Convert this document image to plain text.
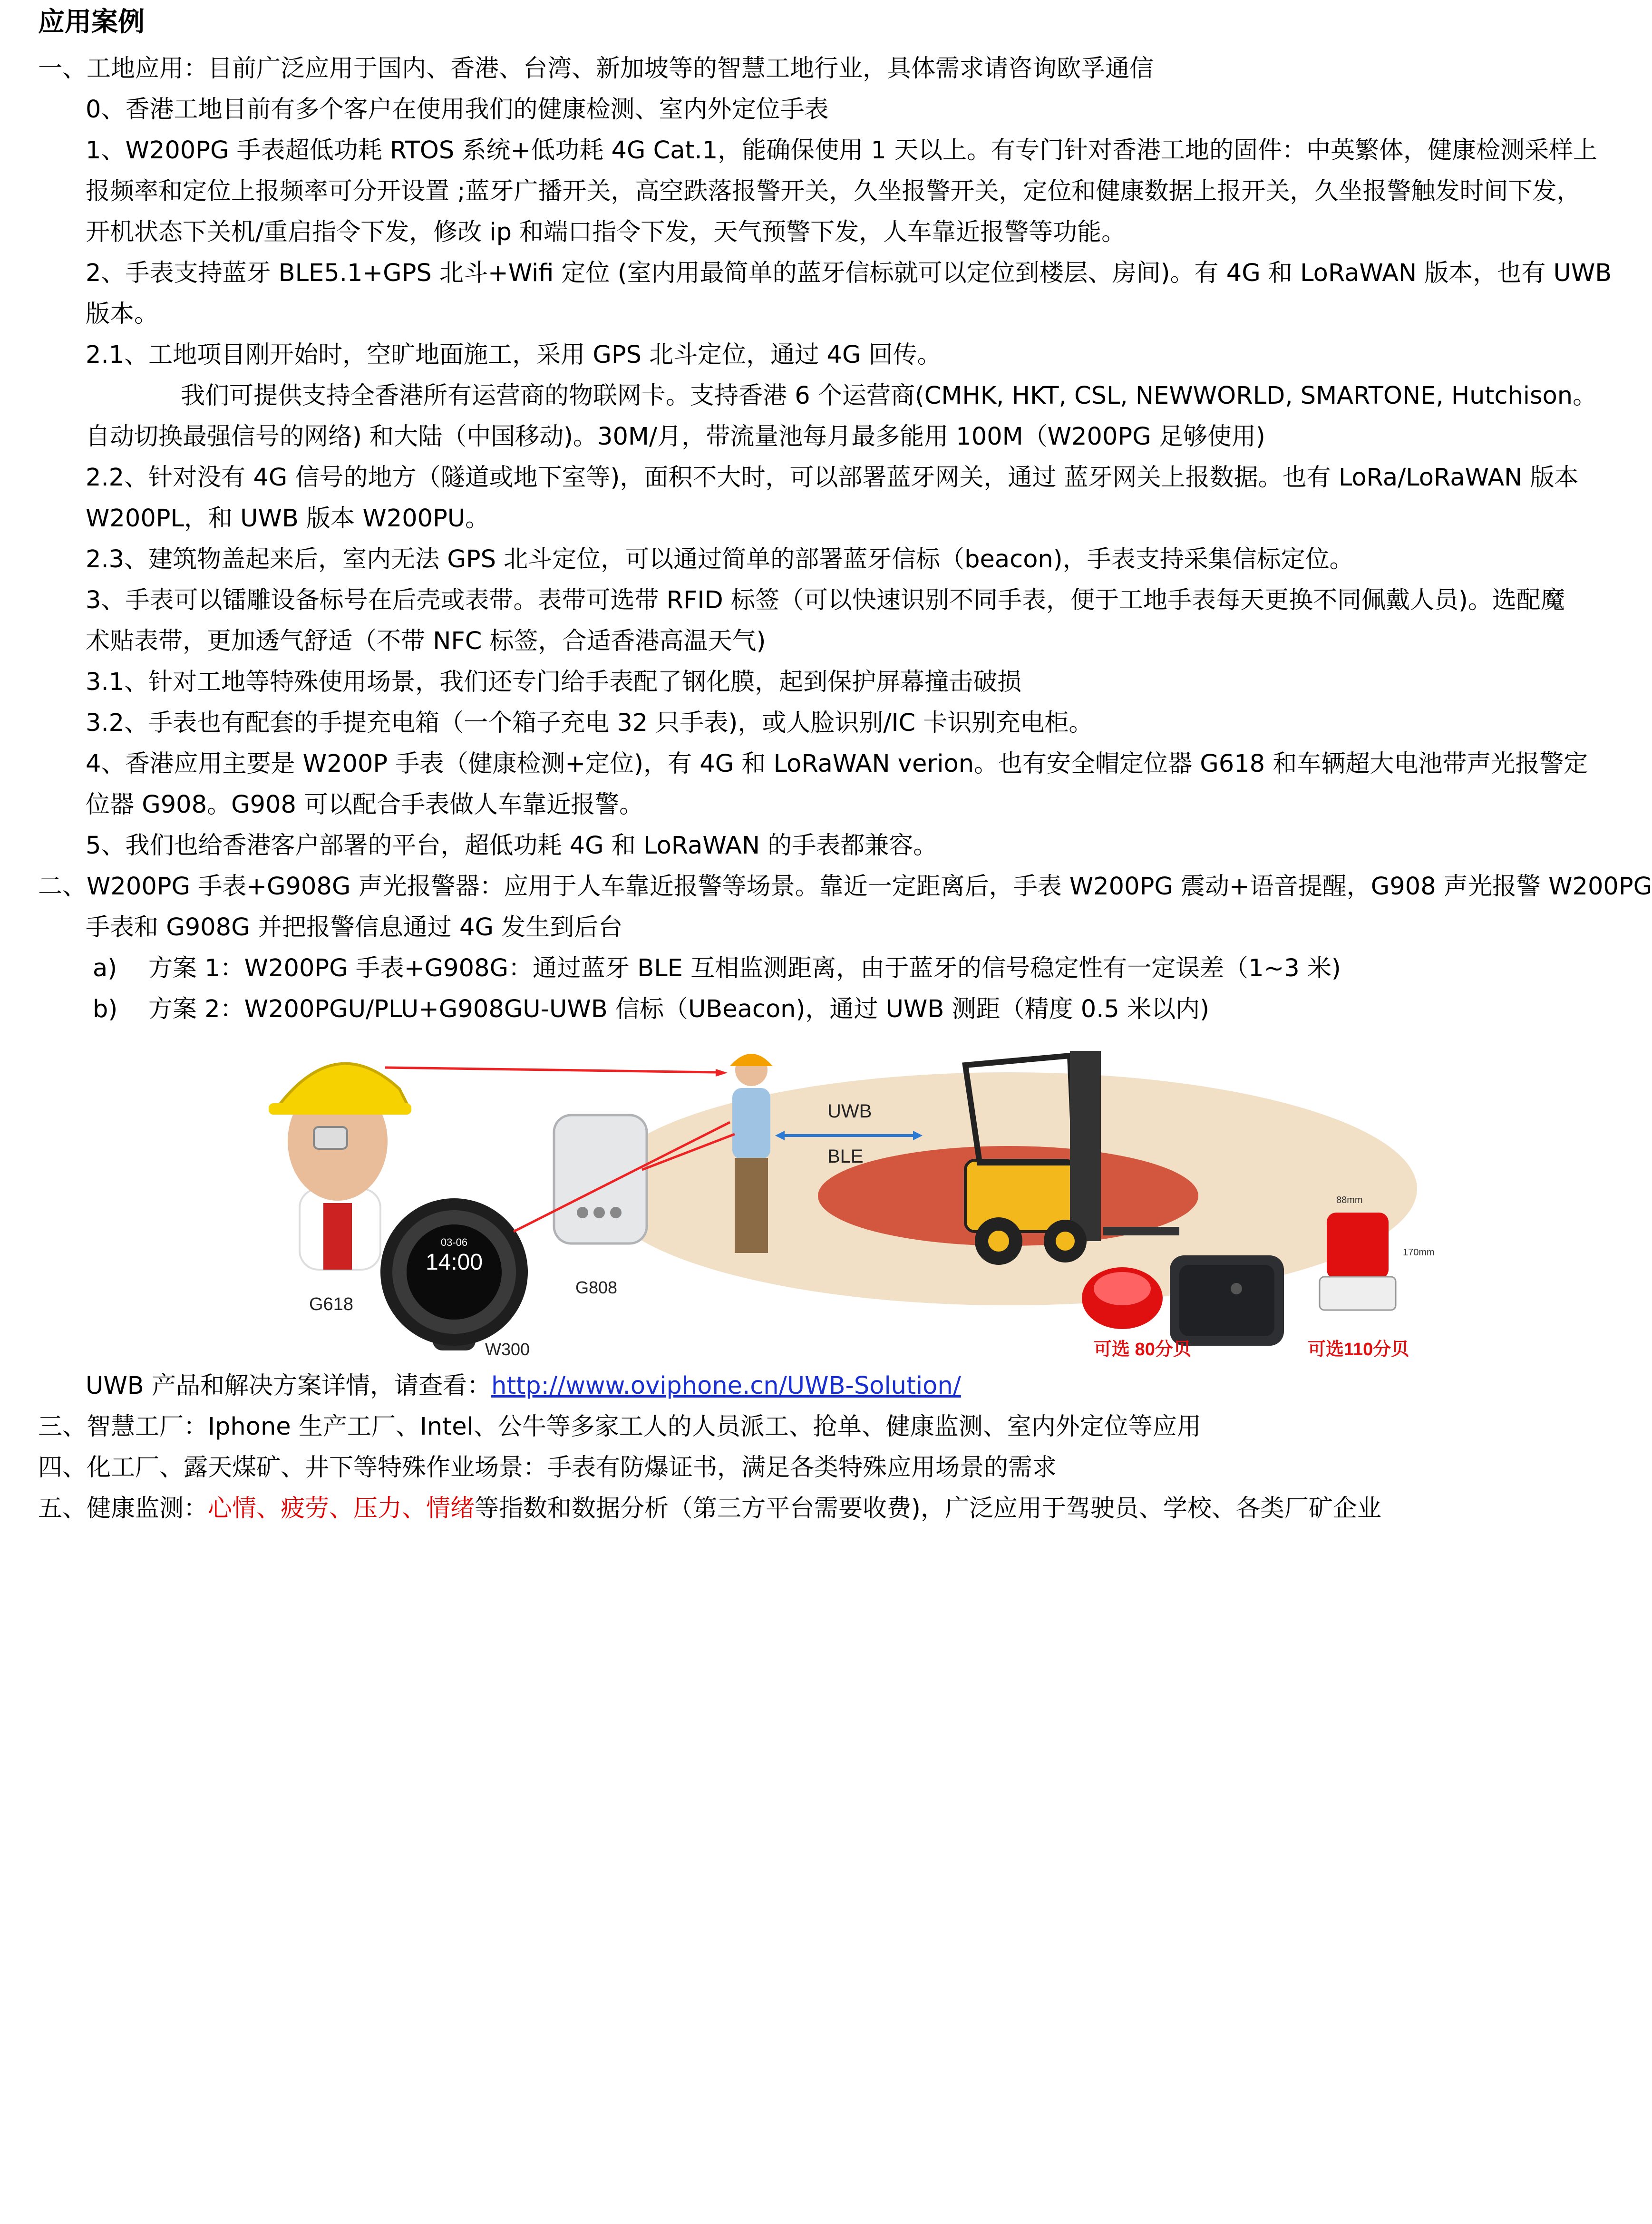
应用案例
一、工地应用：目前广泛应用于国内、香港、台湾、新加坡等的智慧工地行业，具体需求请咨询欧孚通信
0、香港工地目前有多个客户在使用我们的健康检测、室内外定位手表
1、W200PG 手表超低功耗 RTOS 系统+低功耗 4G Cat.1，能确保使用 1 天以上。有专门针对香港工地的固件：中英繁体，健康检测采样上
报频率和定位上报频率可分开设置 ;蓝牙广播开关，高空跌落报警开关，久坐报警开关，定位和健康数据上报开关，久坐报警触发时间下发，
开机状态下关机/重启指令下发，修改 ip 和端口指令下发，天气预警下发，人车靠近报警等功能。
2、手表支持蓝牙 BLE5.1+GPS 北斗+Wifi 定位 (室内用最简单的蓝牙信标就可以定位到楼层、房间)。有 4G 和 LoRaWAN 版本，也有 UWB
版本。
2.1、工地项目刚开始时，空旷地面施工，采用 GPS 北斗定位，通过 4G 回传。
我们可提供支持全香港所有运营商的物联网卡。支持香港 6 个运营商(CMHK, HKT, CSL, NEWWORLD, SMARTONE, Hutchison。
自动切换最强信号的网络) 和大陆（中国移动)。30M/月，带流量池每月最多能用 100M（W200PG 足够使用)
2.2、针对没有 4G 信号的地方（隧道或地下室等)，面积不大时，可以部署蓝牙网关，通过 蓝牙网关上报数据。也有 LoRa/LoRaWAN 版本
W200PL，和 UWB 版本 W200PU。
2.3、建筑物盖起来后，室内无法 GPS 北斗定位，可以通过简单的部署蓝牙信标（beacon)，手表支持采集信标定位。
3、手表可以镭雕设备标号在后壳或表带。表带可选带 RFID 标签（可以快速识别不同手表，便于工地手表每天更换不同佩戴人员)。选配魔
术贴表带，更加透气舒适（不带 NFC 标签，合适香港高温天气)
3.1、针对工地等特殊使用场景，我们还专门给手表配了钢化膜，起到保护屏幕撞击破损
3.2、手表也有配套的手提充电箱（一个箱子充电 32 只手表)，或人脸识别/IC 卡识别充电柜。
4、香港应用主要是 W200P 手表（健康检测+定位)，有 4G 和 LoRaWAN verion。也有安全帽定位器 G618 和车辆超大电池带声光报警定
位器 G908。G908 可以配合手表做人车靠近报警。
5、我们也给香港客户部署的平台，超低功耗 4G 和 LoRaWAN 的手表都兼容。
二、W200PG 手表+G908G 声光报警器：应用于人车靠近报警等场景。靠近一定距离后，手表 W200PG 震动+语音提醒，G908 声光报警 W200PG
手表和 G908G 并把报警信息通过 4G 发生到后台
a) 方案 1：W200PG 手表+G908G：通过蓝牙 BLE 互相监测距离，由于蓝牙的信号稳定性有一定误差（1~3 米)
b) 方案 2：W200PGU/PLU+G908GU-UWB 信标（UBeacon)，通过 UWB 测距（精度 0.5 米以内)
G618
14:00
03-06
W300
G808
UWB
BLE
88mm
170mm
可选 80分贝	可选110分贝
UWB 产品和解决方案详情，请查看：http://www.oviphone.cn/UWB-Solution/
三、智慧工厂：Iphone 生产工厂、Intel、公牛等多家工人的人员派工、抢单、健康监测、室内外定位等应用
四、化工厂、露天煤矿、井下等特殊作业场景：手表有防爆证书，满足各类特殊应用场景的需求
五、健康监测：心情、疲劳、压力、情绪等指数和数据分析（第三方平台需要收费)，广泛应用于驾驶员、学校、各类厂矿企业
